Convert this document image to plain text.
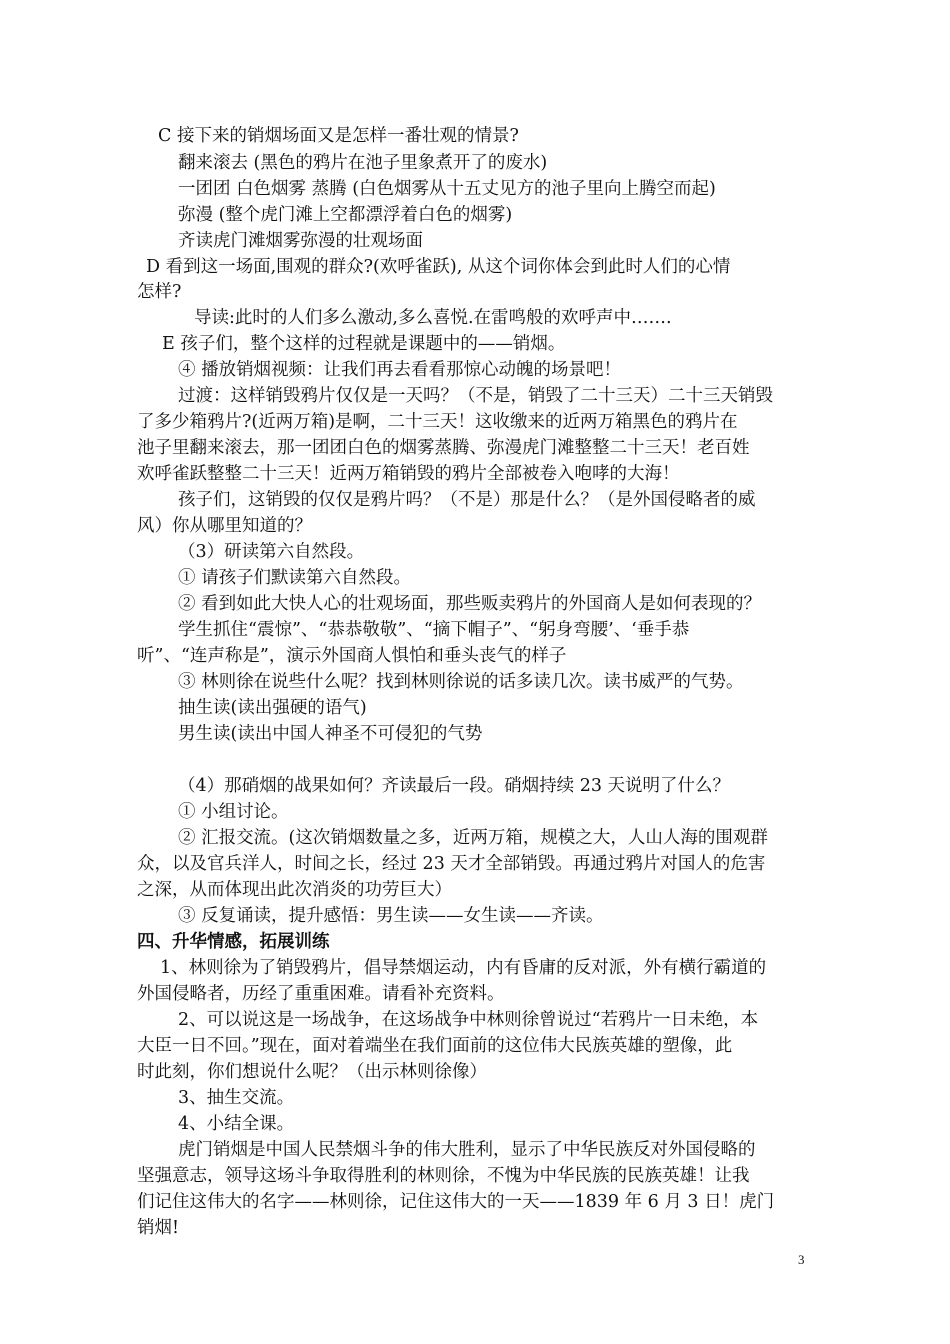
C 接下来的销烟场面又是怎样一番壮观的情景?

翻来滚去 (黑色的鸦片在池子里象煮开了的废水)

一团团 白色烟雾 蒸腾 (白色烟雾从十五丈见方的池子里向上腾空而起)

弥漫 (整个虎门滩上空都漂浮着白色的烟雾)

齐读虎门滩烟雾弥漫的壮观场面

D 看到这一场面,围观的群众?(欢呼雀跃), 从这个词你体会到此时人们的心情

怎样?

导读:此时的人们多么激动,多么喜悦.在雷鸣般的欢呼声中…….

E 孩子们，整个这样的过程就是课题中的——销烟。

④ 播放销烟视频：让我们再去看看那惊心动魄的场景吧！

过渡：这样销毁鸦片仅仅是一天吗？（不是，销毁了二十三天）二十三天销毁

了多少箱鸦片?(近两万箱)是啊，二十三天！这收缴来的近两万箱黑色的鸦片在

池子里翻来滚去，那一团团白色的烟雾蒸腾、弥漫虎门滩整整二十三天！老百姓

欢呼雀跃整整二十三天！近两万箱销毁的鸦片全部被卷入咆哮的大海！

孩子们，这销毁的仅仅是鸦片吗？（不是）那是什么？（是外国侵略者的威

风）你从哪里知道的？

（3）研读第六自然段。

① 请孩子们默读第六自然段。

② 看到如此大快人心的壮观场面，那些贩卖鸦片的外国商人是如何表现的？

学生抓住“震惊”、“恭恭敬敬”、“摘下帽子”、“躬身弯腰’、‘垂手恭

听”、“连声称是”，演示外国商人惧怕和垂头丧气的样子

③ 林则徐在说些什么呢？找到林则徐说的话多读几次。读书威严的气势。

抽生读(读出强硬的语气)

男生读(读出中国人神圣不可侵犯的气势

（4）那硝烟的战果如何？齐读最后一段。硝烟持续 23 天说明了什么？

① 小组讨论。

② 汇报交流。(这次销烟数量之多，近两万箱，规模之大，人山人海的围观群

众，以及官兵洋人，时间之长，经过 23 天才全部销毁。再通过鸦片对国人的危害

之深，从而体现出此次消炎的功劳巨大）

③ 反复诵读，提升感悟：男生读——女生读——齐读。

四、升华情感，拓展训练

1、林则徐为了销毁鸦片，倡导禁烟运动，内有昏庸的反对派，外有横行霸道的

外国侵略者，历经了重重困难。请看补充资料。

2、可以说这是一场战争，在这场战争中林则徐曾说过“若鸦片一日未绝，本

大臣一日不回。”现在，面对着端坐在我们面前的这位伟大民族英雄的塑像，此

时此刻，你们想说什么呢？（出示林则徐像）

3、抽生交流。

4、小结全课。

虎门销烟是中国人民禁烟斗争的伟大胜利，显示了中华民族反对外国侵略的

坚强意志，领导这场斗争取得胜利的林则徐，不愧为中华民族的民族英雄！让我

们记住这伟大的名字——林则徐，记住这伟大的一天——1839 年 6 月 3 日！虎门

销烟!

3
